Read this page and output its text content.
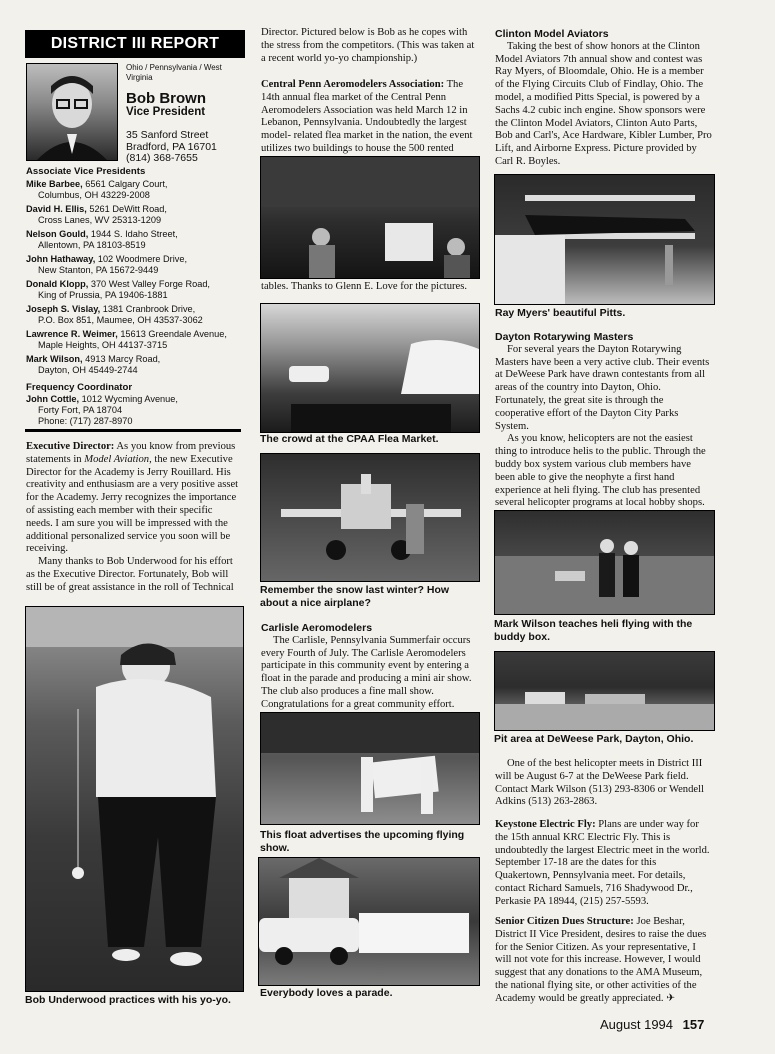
DISTRICT III REPORT
Ohio / Pennsylvania / West Virginia
Bob Brown
Vice President
35 Sanford Street
Bradford, PA 16701
(814) 368-7655
Associate Vice Presidents
Mike Barbee, 6561 Calgary Court,
Columbus, OH 43229-2008
David H. Ellis, 5261 DeWitt Road,
Cross Lanes, WV 25313-1209
Nelson Gould, 1944 S. Idaho Street,
Allentown, PA 18103-8519
John Hathaway, 102 Woodmere Drive,
New Stanton, PA 15672-9449
Donald Klopp, 370 West Valley Forge Road,
King of Prussia, PA 19406-1881
Joseph S. Vislay, 1381 Cranbrook Drive,
P.O. Box 851, Maumee, OH 43537-3062
Lawrence R. Weimer, 15613 Greendale Avenue,
Maple Heights, OH 44137-3715
Mark Wilson, 4913 Marcy Road,
Dayton, OH 45449-2744
Frequency Coordinator
John Cottle, 1012 Wycming Avenue,
Forty Fort, PA 18704
Phone: (717) 287-8970

Executive Director: As you know from previous statements in Model Aviation, the new Executive Director for the Academy is Jerry Rouillard. His creativity and enthusiasm are a very positive asset for the Academy. Jerry recognizes the importance of assisting each member with their specific needs. I am sure you will be impressed with the additional personalized service you soon will be receiving.

Many thanks to Bob Underwood for his effort as the Executive Director. Fortunately, Bob will still be of great assistance in the roll of Technical

Bob Underwood practices with his yo-yo.
Director. Pictured below is Bob as he copes with the stress from the competitors. (This was taken at a recent world yo-yo championship.)

Central Penn Aeromodelers Association: The 14th annual flea market of the Central Penn Aeromodelers Association was held March 12 in Lebanon, Pennsylvania. Undoubtedly the largest model- related flea market in the nation, the event utilizes two buildings to house the 500 rented

tables. Thanks to Glenn E. Love for the pictures.
The crowd at the CPAA Flea Market.
Remember the snow last winter? How about a nice airplane?

Carlisle Aeromodelers

The Carlisle, Pennsylvania Summerfair occurs every Fourth of July. The Carlisle Aeromodelers participate in this community event by entering a float in the parade and producing a mini air show. The club also produces a fine mall show. Congratulations for a great community effort.

This float advertises the upcoming flying show.
Everybody loves a parade.

Clinton Model Aviators

Taking the best of show honors at the Clinton Model Aviators 7th annual show and contest was Ray Myers, of Bloomdale, Ohio. He is a member of the Flying Circuits Club of Findlay, Ohio. The model, a modified Pitts Special, is powered by a Sachs 4.2 cubic inch engine. Show sponsors were the Clinton Model Aviators, Clinton Auto Parts, Bob and Carl's, Ace Hardware, Kibler Lumber, Pro Lift, and Airborne Express. Picture provided by Carl R. Boyles.

Ray Myers' beautiful Pitts.

Dayton Rotarywing Masters

For several years the Dayton Rotarywing Masters have been a very active club. Their events at DeWeese Park have drawn contestants from all areas of the country into Dayton, Ohio. Fortunately, the great site is through the cooperative effort of the Dayton City Parks System.

As you know, helicopters are not the easiest thing to introduce helis to the public. Through the buddy box system various club members have been able to give the neophyte a first hand experience at heli flying. The club has presented several helicopter programs at local hobby shops.

Mark Wilson teaches heli flying with the buddy box.
Pit area at DeWeese Park, Dayton, Ohio.

One of the best helicopter meets in District III will be August 6-7 at the DeWeese Park field. Contact Mark Wilson (513) 293-8306 or Wendell Adkins (513) 263-2863.

Keystone Electric Fly: Plans are under way for the 15th annual KRC Electric Fly. This is undoubtedly the largest Electric meet in the world. September 17-18 are the dates for this Quakertown, Pennsylvania meet. For details, contact Richard Samuels, 716 Shadywood Dr., Perkasie PA 18944, (215) 257-5593.

Senior Citizen Dues Structure: Joe Beshar, District II Vice President, desires to raise the dues for the Senior Citizen. As your representative, I will not vote for this increase. However, I would suggest that any donations to the AMA Museum, the national flying site, or other activities of the Academy would be greatly appreciated. ✈

August 1994 157
